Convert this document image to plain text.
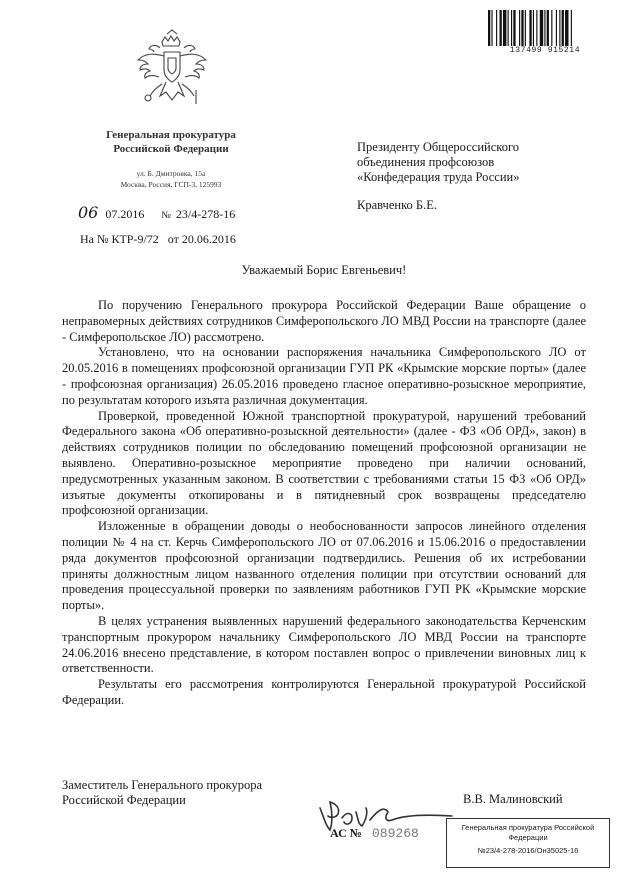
137499 915214
Генеральная прокуратура
Российской Федерации
ул. Б. Дмитровка, 15а
Москва, Россия, ГСП-3, 125993
06 07.2016 № 23/4-278-16
На № КТР-9/72 от 20.06.2016
Президенту Общероссийского
объединения профсоюзов
«Конфедерация труда России»
Кравченко Б.Е.
Уважаемый Борис Евгеньевич!

По поручению Генерального прокурора Российской Федерации Ваше обращение о неправомерных действиях сотрудников Симферопольского ЛО МВД России на транспорте (далее - Симферопольское ЛО) рассмотрено.

Установлено, что на основании распоряжения начальника Симферопольского ЛО от 20.05.2016 в помещениях профсоюзной организации ГУП РК «Крымские морские порты» (далее - профсоюзная организация) 26.05.2016 проведено гласное оперативно-розыскное мероприятие, по результатам которого изъята различная документация.

Проверкой, проведенной Южной транспортной прокуратурой, нарушений требований Федерального закона «Об оперативно-розыскной деятельности» (далее - ФЗ «Об ОРД», закон) в действиях сотрудников полиции по обследованию помещений профсоюзной организации не выявлено. Оперативно-розыскное мероприятие проведено при наличии оснований, предусмотренных указанным законом. В соответствии с требованиями статьи 15 ФЗ «Об ОРД» изъятые документы откопированы и в пятидневный срок возвращены председателю профсоюзной организации.

Изложенные в обращении доводы о необоснованности запросов линейного отделения полиции № 4 на ст. Керчь Симферопольского ЛО от 07.06.2016 и 15.06.2016 о предоставлении ряда документов профсоюзной организации подтвердились. Решения об их истребовании приняты должностным лицом названного отделения полиции при отсутствии оснований для проведения процессуальной проверки по заявлениям работников ГУП РК «Крымские морские порты».

В целях устранения выявленных нарушений федерального законодательства Керченским транспортным прокурором начальнику Симферопольского ЛО МВД России на транспорте 24.06.2016 внесено представление, в котором поставлен вопрос о привлечении виновных лиц к ответственности.

Результаты его рассмотрения контролируются Генеральной прокуратурой Российской Федерации.

Заместитель Генерального прокурора
Российской Федерации	В.В. Малиновский
АС № 089268	Генеральная прокуратура Российской
Федерации
№23/4-278-2016/Он35025-16
